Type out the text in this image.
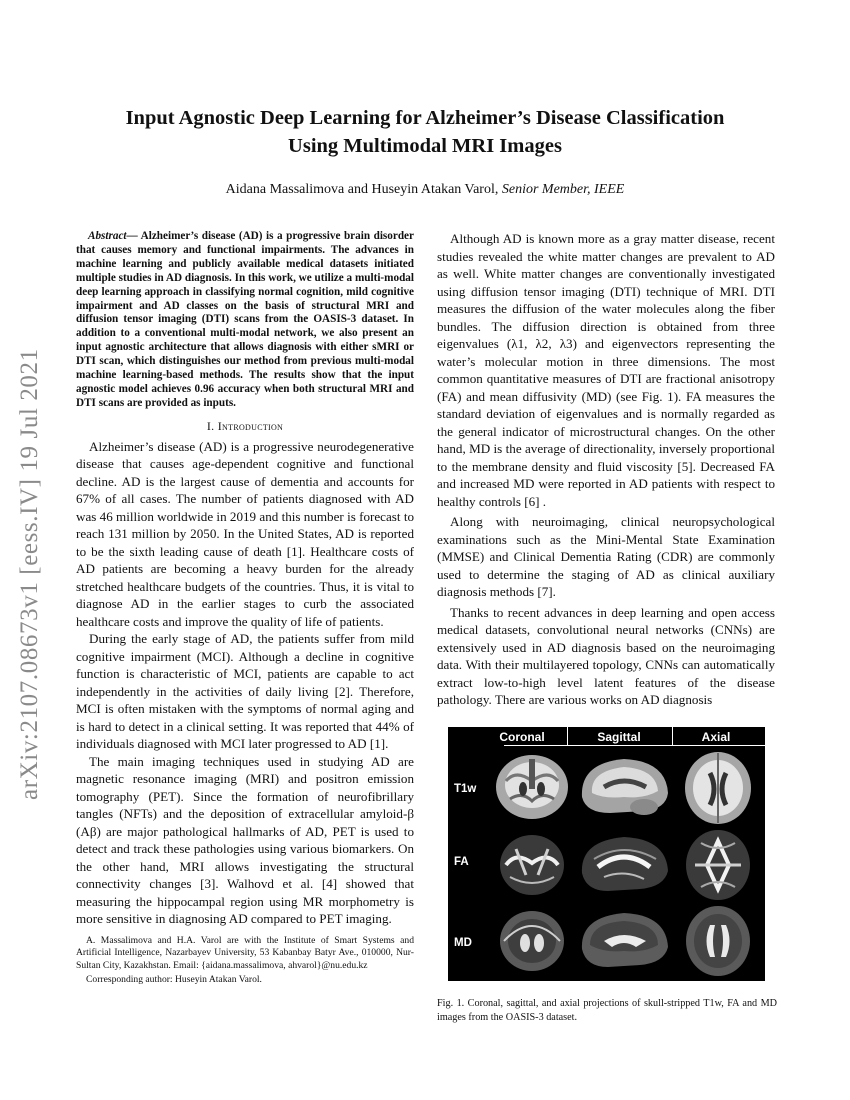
arXiv:2107.08673v1 [eess.IV] 19 Jul 2021
Input Agnostic Deep Learning for Alzheimer’s Disease Classification
Using Multimodal MRI Images
Aidana Massalimova and Huseyin Atakan Varol, Senior Member, IEEE

Abstract— Alzheimer’s disease (AD) is a progressive brain disorder that causes memory and functional impairments. The advances in machine learning and publicly available medical datasets initiated multiple studies in AD diagnosis. In this work, we utilize a multi-modal deep learning approach in classifying normal cognition, mild cognitive impairment and AD classes on the basis of structural MRI and diffusion tensor imaging (DTI) scans from the OASIS-3 dataset. In addition to a conventional multi-modal network, we also present an input agnostic architecture that allows diagnosis with either sMRI or DTI scan, which distinguishes our method from previous multi-modal machine learning-based methods. The results show that the input agnostic model achieves 0.96 accuracy when both structural MRI and DTI scans are provided as inputs.

I. Introduction

Alzheimer’s disease (AD) is a progressive neurodegenerative disease that causes age-dependent cognitive and functional decline. AD is the largest cause of dementia and accounts for 67% of all cases. The number of patients diagnosed with AD was 46 million worldwide in 2019 and this number is forecast to reach 131 million by 2050. In the United States, AD is reported to be the sixth leading cause of death [1]. Healthcare costs of AD patients are becoming a heavy burden for the already stretched healthcare budgets of the countries. Thus, it is vital to diagnose AD in the earlier stages to curb the associated healthcare costs and improve the quality of life of patients.

During the early stage of AD, the patients suffer from mild cognitive impairment (MCI). Although a decline in cognitive function is characteristic of MCI, patients are capable to act independently in the activities of daily living [2]. Therefore, MCI is often mistaken with the symptoms of normal aging and is hard to detect in a clinical setting. It was reported that 44% of individuals diagnosed with MCI later progressed to AD [1].

The main imaging techniques used in studying AD are magnetic resonance imaging (MRI) and positron emission tomography (PET). Since the formation of neurofibrillary tangles (NFTs) and the deposition of extracellular amyloid-β (Aβ) are major pathological hallmarks of AD, PET is used to detect and track these pathologies using various biomarkers. On the other hand, MRI allows investigating the structural connectivity changes [3]. Walhovd et al. [4] showed that measuring the hippocampal region using MR morphometry is more sensitive in diagnosing AD compared to PET imaging.

A. Massalimova and H.A. Varol are with the Institute of Smart Systems and Artificial Intelligence, Nazarbayev University, 53 Kabanbay Batyr Ave., 010000, Nur-Sultan City, Kazakhstan. Email: {aidana.massalimova, ahvarol}@nu.edu.kz

Corresponding author: Huseyin Atakan Varol.

Although AD is known more as a gray matter disease, recent studies revealed the white matter changes are prevalent to AD as well. White matter changes are conventionally investigated using diffusion tensor imaging (DTI) technique of MRI. DTI measures the diffusion of the water molecules along the fiber bundles. The diffusion direction is obtained from three eigenvalues (λ1, λ2, λ3) and eigenvectors representing the water’s molecular motion in three dimensions. The most common quantitative measures of DTI are fractional anisotropy (FA) and mean diffusivity (MD) (see Fig. 1). FA measures the standard deviation of eigenvalues and is normally regarded as the general indicator of microstructural changes. On the other hand, MD is the average of directionality, inversely proportional to the membrane density and fluid viscosity [5]. Decreased FA and increased MD were reported in AD patients with respect to healthy controls [6] .

Along with neuroimaging, clinical neuropsychological examinations such as the Mini-Mental State Examination (MMSE) and Clinical Dementia Rating (CDR) are commonly used to determine the staging of AD as clinical auxiliary diagnosis methods [7].

Thanks to recent advances in deep learning and open access medical datasets, convolutional neural networks (CNNs) are extensively used in AD diagnosis based on the neuroimaging data. With their multilayered topology, CNNs can automatically extract low-to-high level latent features of the disease pathology. There are various works on AD diagnosis

Coronal	Sagittal	Axial
T1w
FA
MD
Fig. 1. Coronal, sagittal, and axial projections of skull-stripped T1w, FA and MD images from the OASIS-3 dataset.
